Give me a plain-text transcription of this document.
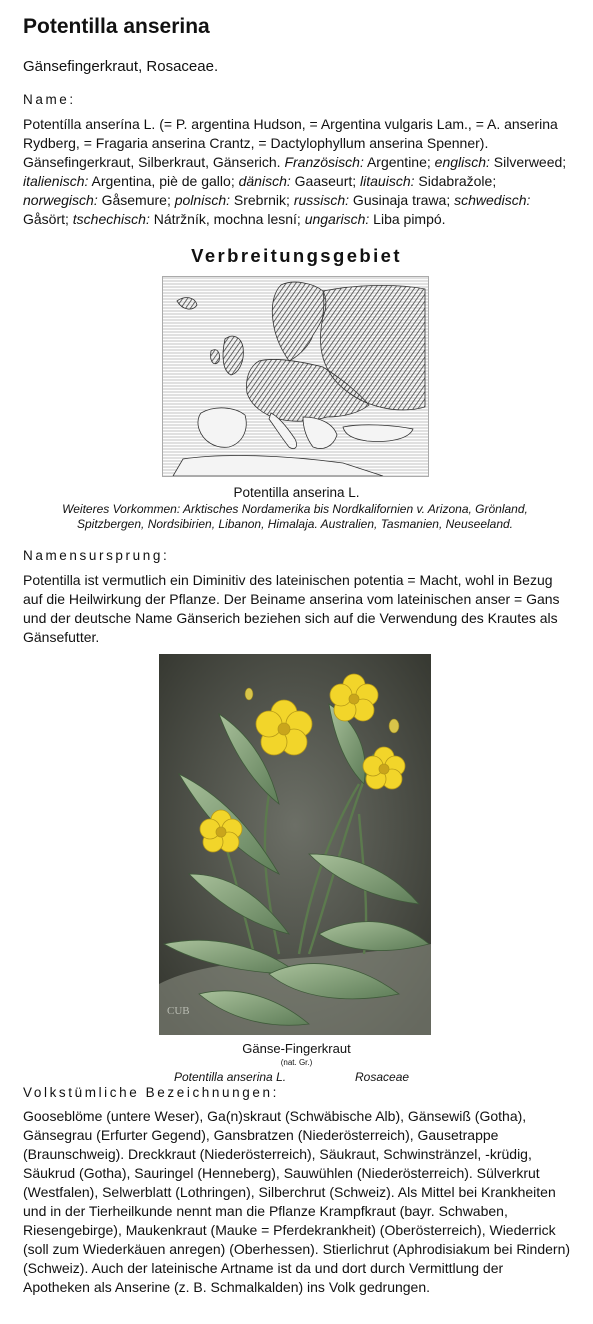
Potentilla anserina

Gänsefingerkraut, Rosaceae.

Name:

Potentílla anserína L. (= P. argentina Hudson, = Argentina vulgaris Lam., = A. anserina Rydberg, = Fragaria anserina Crantz, = Dactylophyllum anserina Spenner). Gänsefingerkraut, Silberkraut, Gänserich. Französisch: Argentine; englisch: Silverweed; italienisch: Argentina, piè de gallo; dänisch: Gaaseurt; litauisch: Sidabražole; norwegisch: Gåsemure; polnisch: Srebrnik; russisch: Gusinaja trawa; schwedisch: Gåsört; tschechisch: Nátržník, mochna lesní; ungarisch: Liba pimpó.

Verbreitungsgebiet

Potentilla anserina L.

Weiteres Vorkommen: Arktisches Nordamerika bis Nordkalifornien v. Arizona, Grönland, Spitzbergen, Nordsibirien, Libanon, Himalaja. Australien, Tasmanien, Neuseeland.

Namensursprung:

Potentilla ist vermutlich ein Diminitiv des lateinischen potentia = Macht, wohl in Bezug auf die Heilwirkung der Pflanze. Der Beiname anserina vom lateinischen anser = Gans und der deutsche Name Gänserich beziehen sich auf die Verwendung des Krautes als Gänsefutter.

CUB

Gänse-Fingerkraut

(nat. Gr.)

Potentilla anserina L.	Rosaceae

Volkstümliche Bezeichnungen:

Gooseblöme (untere Weser), Ga(n)skraut (Schwäbische Alb), Gänsewiß (Gotha), Gänsegrau (Erfurter Gegend), Gansbratzen (Niederösterreich), Gausetrappe (Braunschweig). Dreckkraut (Niederösterreich), Säukraut, Schwinstränzel, -krüdig, Säukrud (Gotha), Sauringel (Henneberg), Sauwühlen (Niederösterreich). Sülverkrut (Westfalen), Selwerblatt (Lothringen), Silberchrut (Schweiz). Als Mittel bei Krankheiten und in der Tierheilkunde nennt man die Pflanze Krampfkraut (bayr. Schwaben, Riesengebirge), Maukenkraut (Mauke = Pferdekrankheit) (Oberösterreich), Wiederrick (soll zum Wiederkäuen anregen) (Oberhessen). Stierlichrut (Aphrodisiakum bei Rindern) (Schweiz). Auch der lateinische Artname ist da und dort durch Vermittlung der Apotheken als Anserine (z. B. Schmalkalden) ins Volk gedrungen.
